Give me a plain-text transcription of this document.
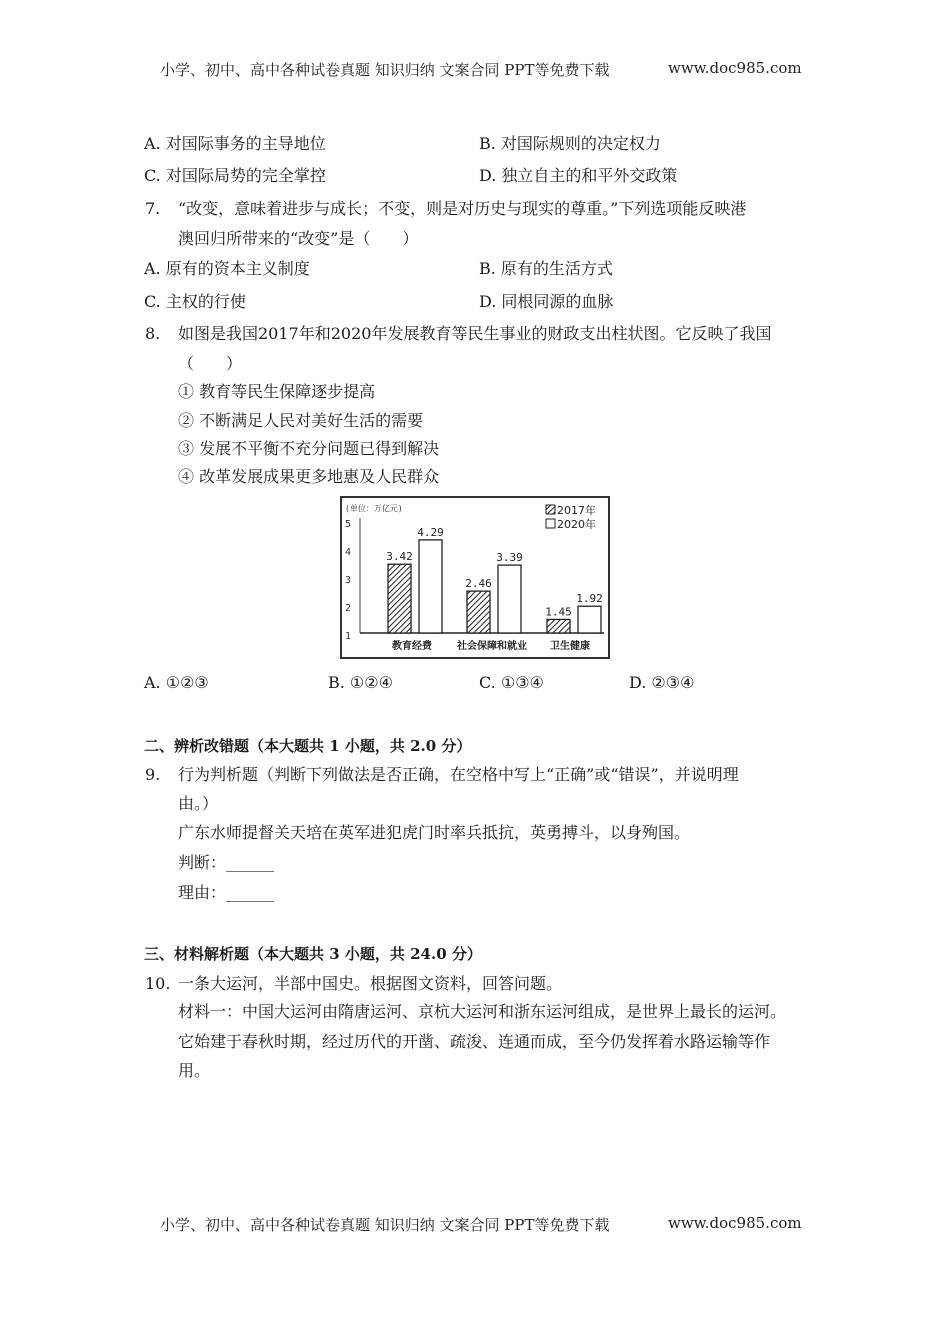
小学、初中、高中各种试卷真题 知识归纳 文案合同 PPT等免费下载	www.doc985.com
A. 对国际事务的主导地位	B. 对国际规则的决定权力
C. 对国际局势的完全掌控	D. 独立自主的和平外交政策
7. “改变，意味着进步与成长；不变，则是对历史与现实的尊重。”下列选项能反映港
澳回归所带来的“改变”是（　　）
A. 原有的资本主义制度	B. 原有的生活方式
C. 主权的行使	D. 同根同源的血脉
8. 如图是我国2017年和2020年发展教育等民生事业的财政支出柱状图。它反映了我国
（　　）
① 教育等民生保障逐步提高
② 不断满足人民对美好生活的需要
③ 发展不平衡不充分问题已得到解决
④ 改革发展成果更多地惠及人民群众
(单位：万亿元)	2017年
2020年
5
4
3
2
1
教育经费	社会保障和就业 卫生健康
3.42
2.46
1.45
4.29
3.39
1.92
A. ①②③	B. ①②④	C. ①③④	D. ②③④
二、辨析改错题（本大题共 1 小题，共 2.0 分）
9. 行为判析题（判断下列做法是否正确，在空格中写上“正确”或“错误”，并说明理
由。）
广东水师提督关天培在英军进犯虎门时率兵抵抗，英勇搏斗，以身殉国。
判断：______
理由：______
三、材料解析题（本大题共 3 小题，共 24.0 分）
10. 一条大运河，半部中国史。根据图文资料，回答问题。
材料一：中国大运河由隋唐运河、京杭大运河和浙东运河组成，是世界上最长的运河。
它始建于春秋时期，经过历代的开凿、疏浚、连通而成，至今仍发挥着水路运输等作
用。
小学、初中、高中各种试卷真题 知识归纳 文案合同 PPT等免费下载	www.doc985.com
